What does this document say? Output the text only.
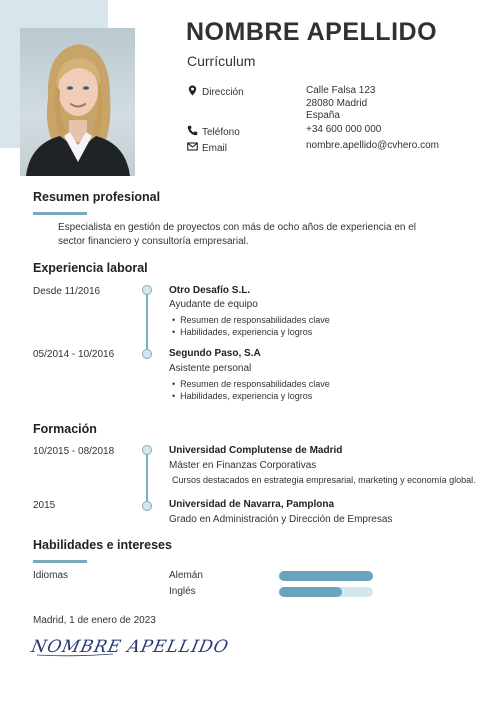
NOMBRE APELLIDO
Currículum
Dirección	Calle Falsa 123
28080 Madrid
España
Teléfono	+34 600 000 000
Email	nombre.apellido@cvhero.com
Resumen profesional
Especialista en gestión de proyectos con más de ocho años de experiencia en el sector financiero y consultoría empresarial.
Experiencia laboral
Desde 11/2016	Otro Desafío S.L.
Ayudante de equipo
• Resumen de responsabilidades clave
• Habilidades, experiencia y logros
05/2014 - 10/2016	Segundo Paso, S.A
Asistente personal
• Resumen de responsabilidades clave
• Habilidades, experiencia y logros
Formación
10/2015 - 08/2018	Universidad Complutense de Madrid
Máster en Finanzas Corporativas
Cursos destacados en estrategia empresarial, marketing y economía global.
2015	Universidad de Navarra, Pamplona
Grado en Administración y Dirección de Empresas
Habilidades e intereses
Idiomas	Alemán
Inglés
Madrid, 1 de enero de 2023
NOMBRE APELLIDO
